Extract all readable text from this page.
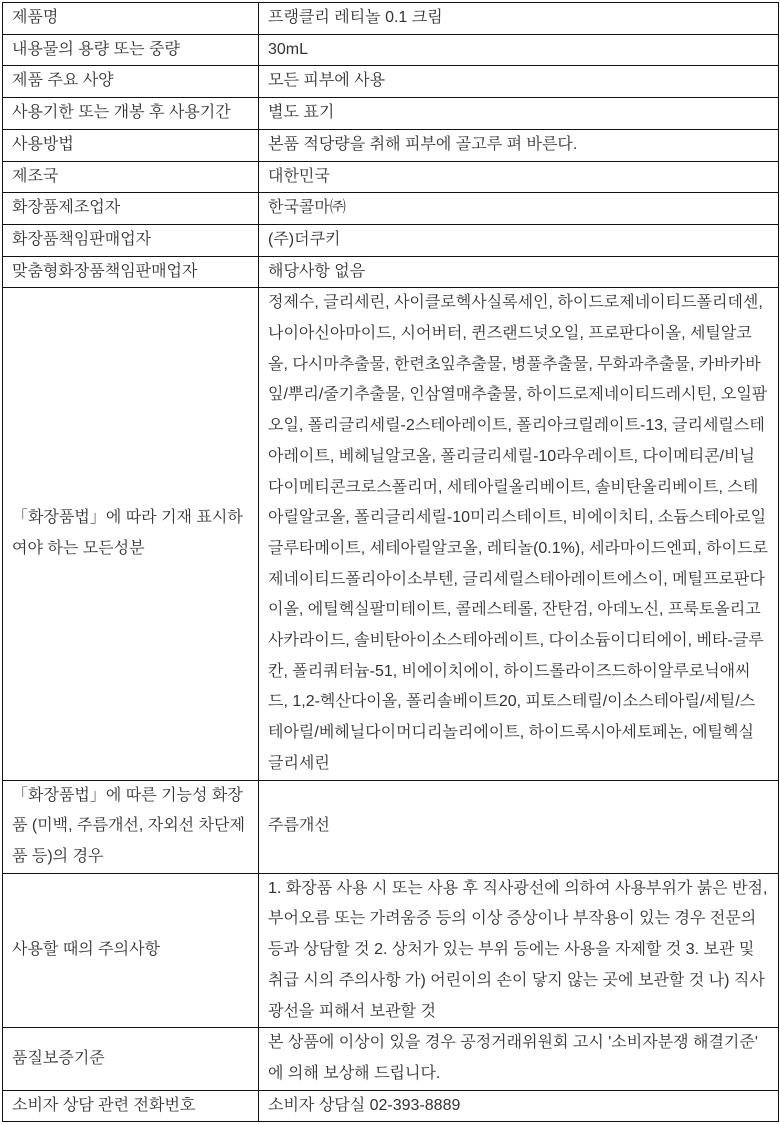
제품명	프랭클리 레티놀 0.1 크림
내용물의 용량 또는 중량	30mL
제품 주요 사양	모든 피부에 사용
사용기한 또는 개봉 후 사용기간	별도 표기
사용방법	본품 적당량을 취해 피부에 골고루 펴 바른다.
제조국	대한민국
화장품제조업자	한국콜마㈜
화장품책임판매업자	(주)더쿠키
맞춤형화장품책임판매업자	해당사항 없음
「화장품법」에 따라 기재 표시하여야 하는 모든성분	정제수, 글리세린, 사이클로헥사실록세인, 하이드로제네이티드폴리데센, 나이아신아마이드, 시어버터, 퀸즈랜드넛오일, 프로판다이올, 세틸알코올, 다시마추출물, 한련초잎추출물, 병풀추출물, 무화과추출물, 카바카바잎/뿌리/줄기추출물, 인삼열매추출물, 하이드로제네이티드레시틴, 오일팜오일, 폴리글리세릴-2스테아레이트, 폴리아크릴레이트-13, 글리세릴스테아레이트, 베헤닐알코올, 폴리글리세릴-10라우레이트, 다이메티콘/비닐다이메티콘크로스폴리머, 세테아릴올리베이트, 솔비탄올리베이트, 스테아릴알코올, 폴리글리세릴-10미리스테이트, 비에이치티, 소듐스테아로일글루타메이트, 세테아릴알코올, 레티놀(0.1%), 세라마이드엔피, 하이드로제네이티드폴리아이소부텐, 글리세릴스테아레이트에스이, 메틸프로판다이올, 에틸헥실팔미테이트, 콜레스테롤, 잔탄검, 아데노신, 프룩토올리고사카라이드, 솔비탄아이소스테아레이트, 다이소듐이디티에이, 베타-글루칸, 폴리쿼터늄-51, 비에이치에이, 하이드롤라이즈드하이알루로닉애씨드, 1,2-헥산다이올, 폴리솔베이트20, 피토스테릴/이소스테아릴/세틸/스테아릴/베헤닐다이머디리놀리에이트, 하이드록시아세토페논, 에틸헥실글리세린
「화장품법」에 따른 기능성 화장품 (미백, 주름개선, 자외선 차단제품 등)의 경우	주름개선
사용할 때의 주의사항	1. 화장품 사용 시 또는 사용 후 직사광선에 의하여 사용부위가 붉은 반점, 부어오름 또는 가려움증 등의 이상 증상이나 부작용이 있는 경우 전문의 등과 상담할 것 2. 상처가 있는 부위 등에는 사용을 자제할 것 3. 보관 및 취급 시의 주의사항 가) 어린이의 손이 닿지 않는 곳에 보관할 것 나) 직사광선을 피해서 보관할 것
품질보증기준	본 상품에 이상이 있을 경우 공정거래위원회 고시 '소비자분쟁 해결기준' 에 의해 보상해 드립니다.
소비자 상담 관련 전화번호	소비자 상담실 02-393-8889
